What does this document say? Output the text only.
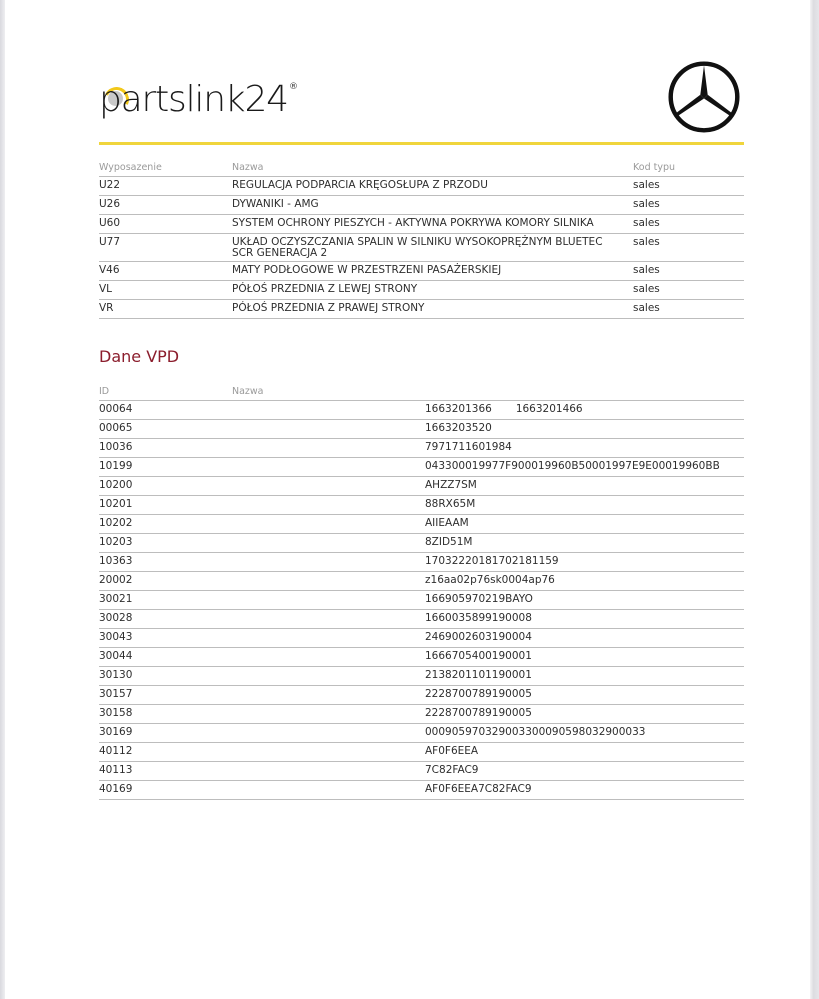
partslink24 ®
Wyposazenie	Nazwa	Kod typu
U22	REGULACJA PODPARCIA KRĘGOSŁUPA Z PRZODU	sales
U26	DYWANIKI - AMG	sales
U60	SYSTEM OCHRONY PIESZYCH - AKTYWNA POKRYWA KOMORY SILNIKA	sales
U77	UKŁAD OCZYSZCZANIA SPALIN W SILNIKU WYSOKOPRĘŻNYM BLUETEC SCR GENERACJA 2	sales
V46	MATY PODŁOGOWE W PRZESTRZENI PASAŻERSKIEJ	sales
VL	PÓŁOŚ PRZEDNIA Z LEWEJ STRONY	sales
VR	PÓŁOŚ PRZEDNIA Z PRAWEJ STRONY	sales
Dane VPD
ID	Nazwa	
00064		1663201366 1663201466
00065		1663203520
10036		7971711601984
10199		043300019977F900019960B50001997E9E00019960BB
10200		AHZZ7SM
10201		88RX65M
10202		AIIEAAM
10203		8ZID51M
10363		17032220181702181159
20002		z16aa02p76sk0004ap76
30021		166905970219BAYO
30028		1660035899190008
30043		2469002603190004
30044		1666705400190001
30130		2138201101190001
30157		2228700789190005
30158		2228700789190005
30169		000905970329003300090598032900033
40112		AF0F6EEA
40113		7C82FAC9
40169		AF0F6EEA7C82FAC9
